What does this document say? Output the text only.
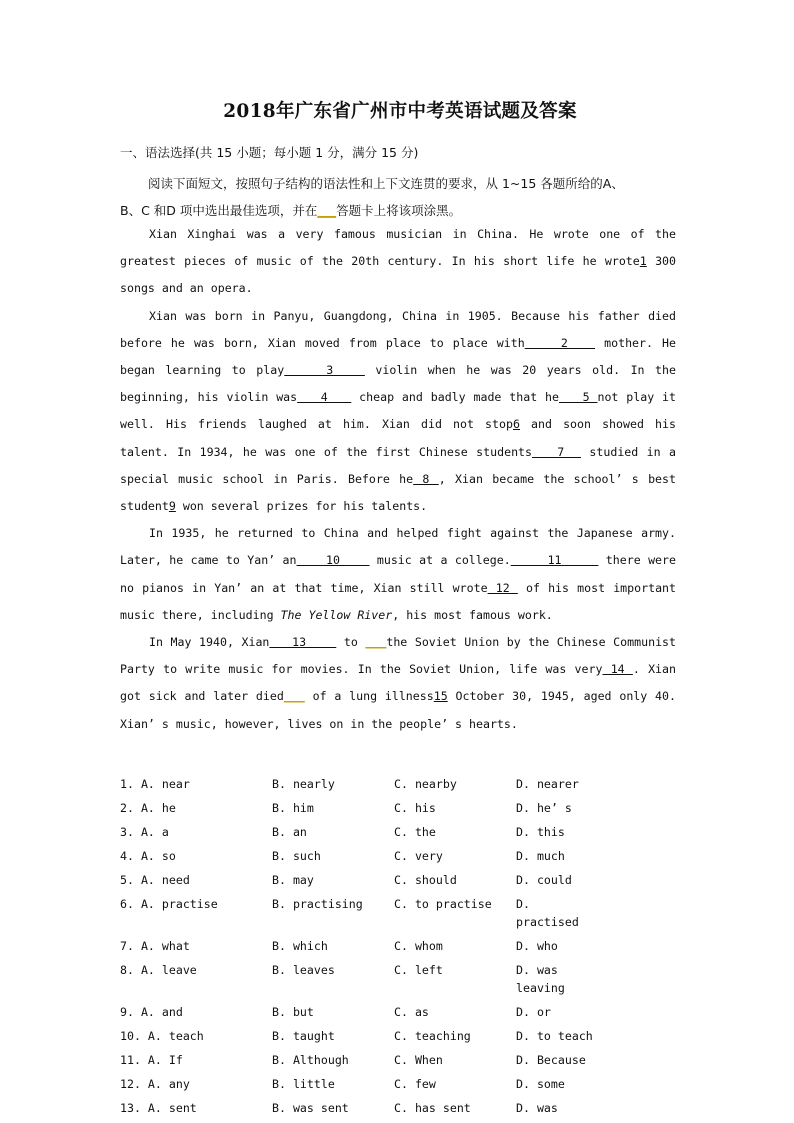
2018年广东省广州市中考英语试题及答案
一、语法选择(共 15 小题；每小题 1 分，满分 15 分)
阅读下面短文，按照句子结构的语法性和上下文连贯的要求，从 1~15 各题所给的A、
B、C 和D 项中选出最佳选项，并在___答题卡上将该项涂黑。

Xian Xinghai was a very famous musician in China. He wrote one of the greatest pieces of music of the 20th century. In his short life he wrote1 300 songs and an opera.

Xian was born in Panyu, Guangdong, China in 1905. Because his father died before he was born, Xian moved from place to place with    2    mother. He began learning to play    3    violin when he was 20 years old. In the beginning, his violin was   4    cheap and badly made that he   5 not play it well. His friends laughed at him. Xian did not stop6 and soon showed his talent. In 1934, he was one of the first Chinese students   7   studied in a special music school in Paris. Before he 8 , Xian became the school’ s best student9 won several prizes for his talents.

In 1935, he returned to China and helped fight against the Japanese army. Later, he came to Yan’ an    10     music at a college.     11      there were no pianos in Yan’ an at that time, Xian still wrote 12  of his most important music there, including The Yellow River, his most famous work.

In May 1940, Xian   13     to ___the Soviet Union by the Chinese Communist Party to write music for movies. In the Soviet Union, life was very 14 . Xian got sick and later died___ of a lung illness15 October 30, 1945, aged only 40. Xian’ s music, however, lives on in the people’ s hearts.

1. A. near	B. nearly	C. nearby	D. nearer
2. A. he	B. him	C. his	D. he’ s
3. A. a	B. an	C. the	D. this
4. A. so	B. such	C. very	D. much
5. A. need	B. may	C. should	D. could
6. A. practise	B. practising	C. to practise	D. practised
7. A. what	B. which	C. whom	D. who
8. A. leave	B. leaves	C. left	D. was leaving
9. A. and	B. but	C. as	D. or
10. A. teach	B. taught	C. teaching	D. to teach
11. A. If	B. Although	C. When	D. Because
12. A. any	B. little	C. few	D. some
13. A. sent	B. was sent	C. has sent	D. was
